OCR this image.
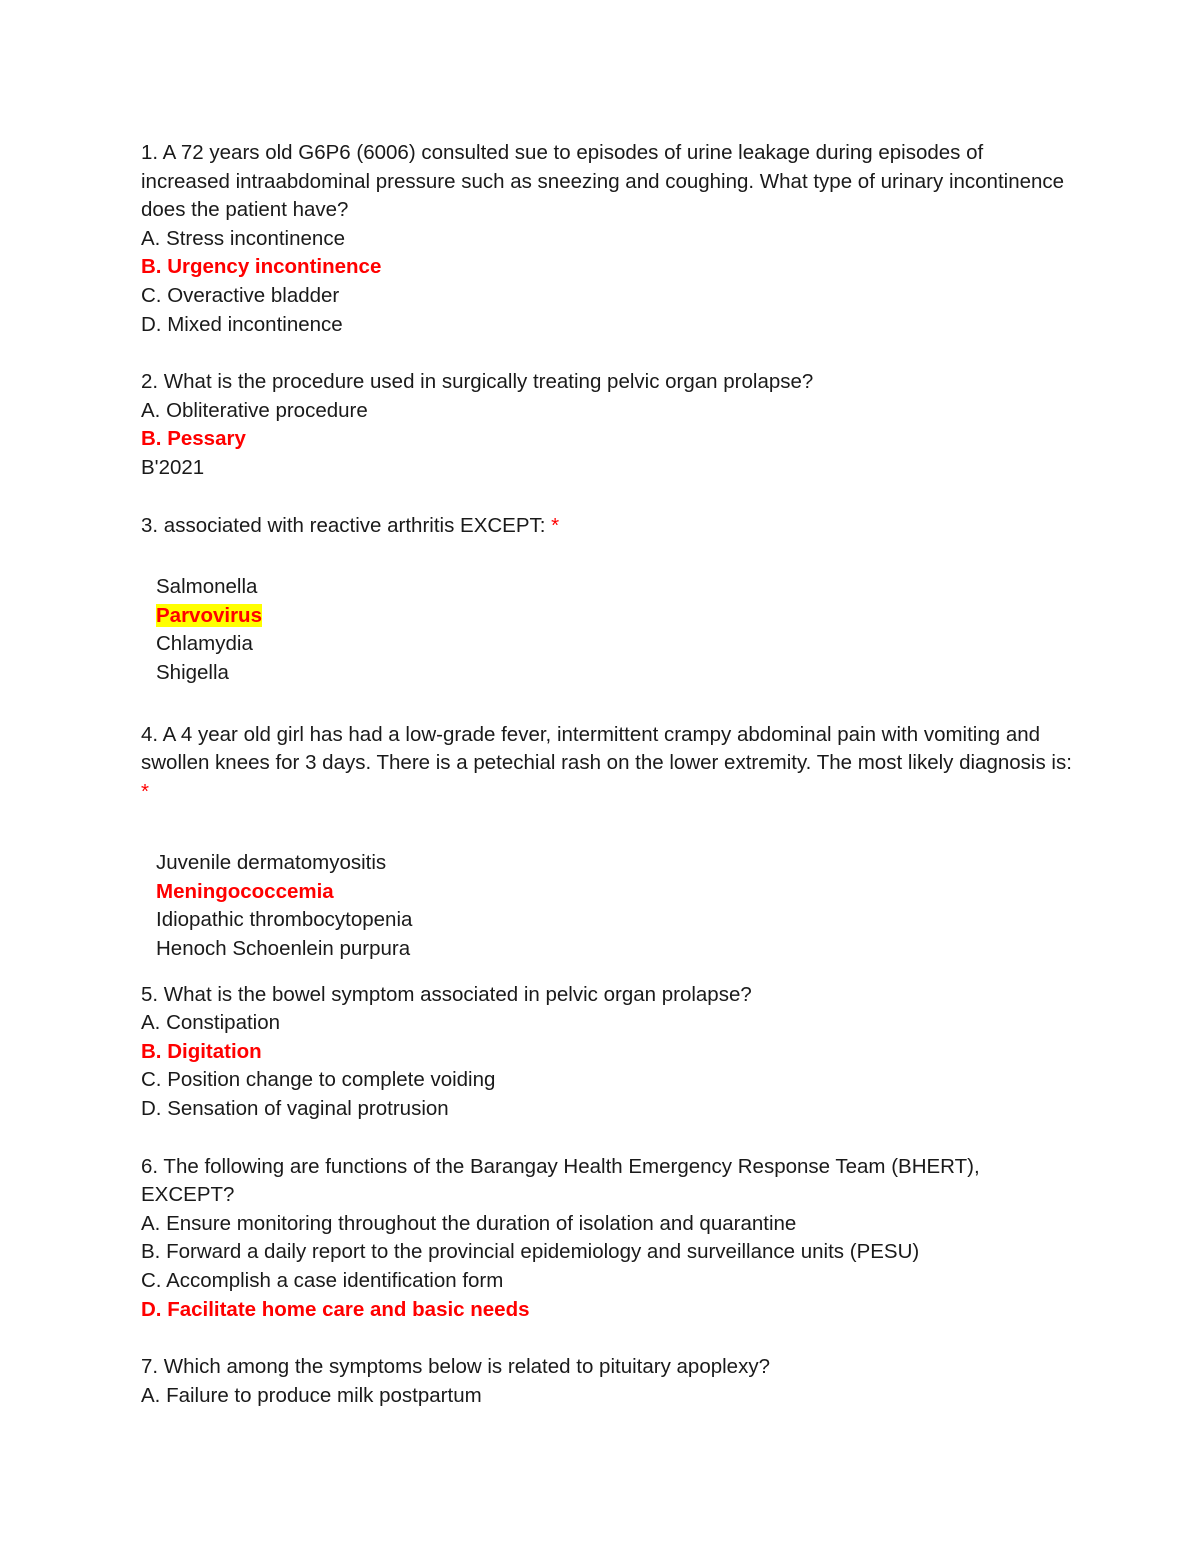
1. A 72 years old G6P6 (6006) consulted sue to episodes of urine leakage during episodes of increased intraabdominal pressure such as sneezing and coughing. What type of urinary incontinence does the patient have?
A. Stress incontinence
B. Urgency incontinence
C. Overactive bladder
D. Mixed incontinence
2. What is the procedure used in surgically treating pelvic organ prolapse?
A. Obliterative procedure
B. Pessary
B'2021
3. associated with reactive arthritis EXCEPT: *
Salmonella
Parvovirus
Chlamydia
Shigella
4. A 4 year old girl has had a low-grade fever, intermittent crampy abdominal pain with vomiting and swollen knees for 3 days. There is a petechial rash on the lower extremity. The most likely diagnosis is: *
Juvenile dermatomyositis
Meningococcemia
Idiopathic thrombocytopenia
Henoch Schoenlein purpura
5. What is the bowel symptom associated in pelvic organ prolapse?
A. Constipation
B. Digitation
C. Position change to complete voiding
D. Sensation of vaginal protrusion
6. The following are functions of the Barangay Health Emergency Response Team (BHERT), EXCEPT?
A. Ensure monitoring throughout the duration of isolation and quarantine
B. Forward a daily report to the provincial epidemiology and surveillance units (PESU)
C. Accomplish a case identification form
D. Facilitate home care and basic needs
7. Which among the symptoms below is related to pituitary apoplexy?
A. Failure to produce milk postpartum
